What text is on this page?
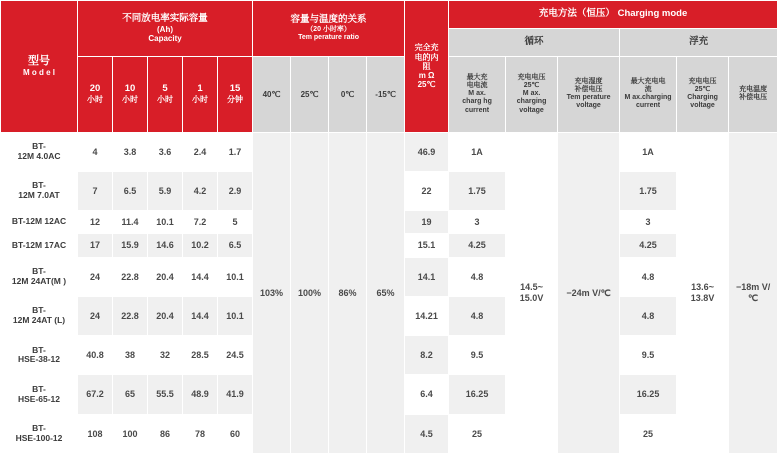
型号
M o d e l	不同放电率实际容量
(Ah)
Capacity					容量与温度的关系
（20 小时率）
Tem perature ratio				完全充
电的内
阻
m Ω
25℃	充电方法（恒压） Charging mode					
											循环			浮充		

	20
小时	10
小时	5
小时	1
小时	15
分钟	40℃	25℃	0℃	-15℃		最大充
电电流
M ax.
charg hg
current	充电电压
25℃
M ax.
charging
voltage	充电湿度
补偿电压
Tem perature
voltage	最大充电电
流
M ax.charging
current	充电电压
25℃
Charging
voltage	充电温度
补偿电压

BT-
12M 4.0AC	4	3.8	3.6	2.4	1.7	103%	100%	86%	65%	46.9	1A	14.5~
15.0V	−24m V/℃	1A	13.6~
13.8V	−18m V/℃

BT-
12M 7.0AT	7	6.5	5.9	4.2	2.9					22	1.75			1.75		

BT-12M 12AC	12	11.4	10.1	7.2	5					19	3			3		

BT-12M 17AC	17	15.9	14.6	10.2	6.5					15.1	4.25			4.25		

BT-
12M 24AT(M )	24	22.8	20.4	14.4	10.1					14.1	4.8			4.8		

BT-
12M 24AT (L)	24	22.8	20.4	14.4	10.1					14.21	4.8			4.8		

BT-
HSE-38-12	40.8	38	32	28.5	24.5					8.2	9.5			9.5		

BT-
HSE-65-12	67.2	65	55.5	48.9	41.9					6.4	16.25			16.25		

BT-
HSE-100-12	108	100	86	78	60					4.5	25			25		
